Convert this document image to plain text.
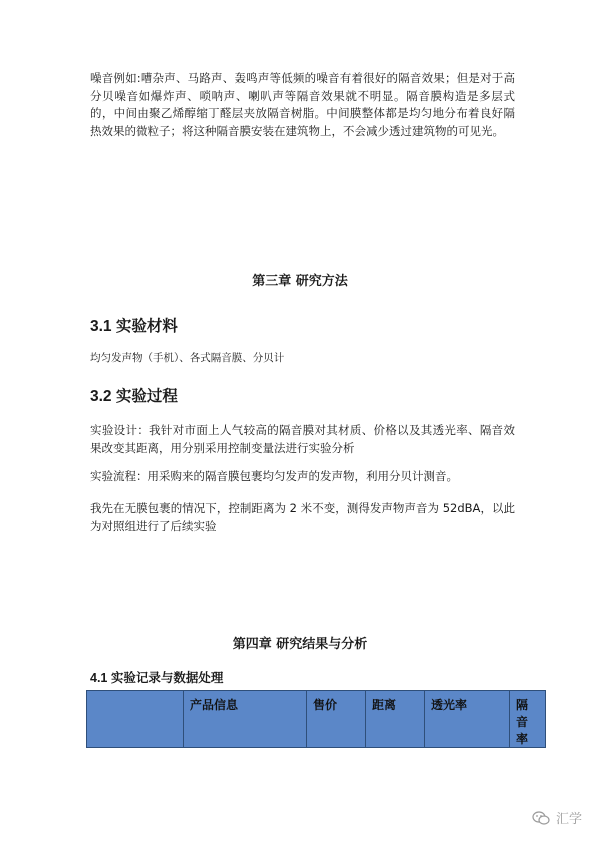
噪音例如:嘈杂声、马路声、轰鸣声等低频的噪音有着很好的隔音效果；但是对于高分贝噪音如爆炸声、唢呐声、喇叭声等隔音效果就不明显。隔音膜构造是多层式的，中间由聚乙烯醇缩丁醛层夹放隔音树脂。中间膜整体都是均匀地分布着良好隔热效果的微粒子；将这种隔音膜安装在建筑物上，不会减少透过建筑物的可见光。

第三章 研究方法
3.1 实验材料

均匀发声物（手机）、各式隔音膜、分贝计

3.2 实验过程

实验设计：我针对市面上人气较高的隔音膜对其材质、价格以及其透光率、隔音效果改变其距离，用分别采用控制变量法进行实验分析

实验流程：用采购来的隔音膜包裹均匀发声的发声物，利用分贝计测音。

我先在无膜包裹的情况下，控制距离为 2 米不变，测得发声物声音为 52dBA，以此为对照组进行了后续实验

第四章 研究结果与分析
4.1 实验记录与数据处理
	产品信息	售价	距离	透光率	隔音率
汇学
